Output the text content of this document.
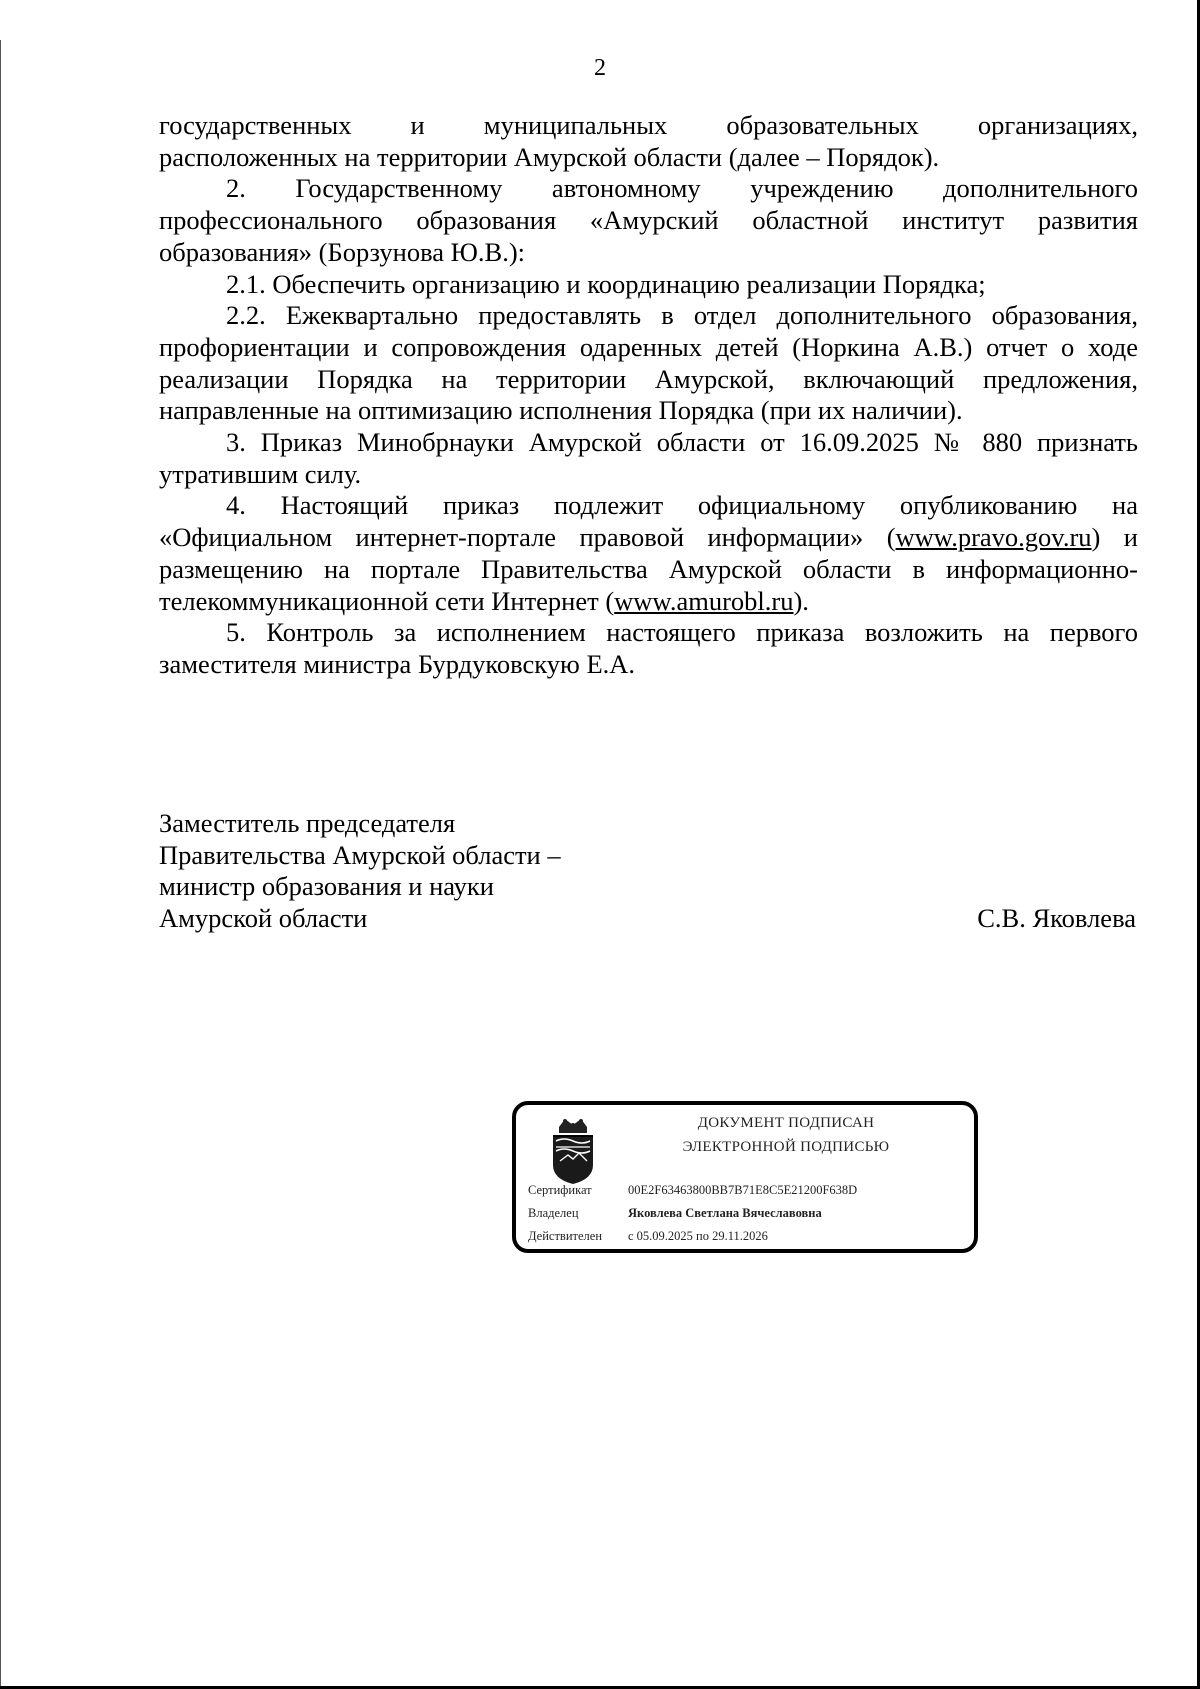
2

государственных и муниципальных образовательных организациях,

расположенных на территории Амурской области (далее – Порядок).

2. Государственному автономному учреждению дополнительного профессионального образования «Амурский областной институт развития образования» (Борзунова Ю.В.):

2.1. Обеспечить организацию и координацию реализации Порядка;

2.2. Ежеквартально предоставлять в отдел дополнительного образования, профориентации и сопровождения одаренных детей (Норкина А.В.) отчет о ходе реализации Порядка на территории Амурской, включающий предложения, направленные на оптимизацию исполнения Порядка (при их наличии).

3. Приказ Минобрнауки Амурской области от 16.09.2025 № 880 признать утратившим силу.

4. Настоящий приказ подлежит официальному опубликованию на «Официальном интернет-портале правовой информации» (www.pravo.gov.ru) и размещению на портале Правительства Амурской области в информационно-телекоммуникационной сети Интернет (www.amurobl.ru).

5. Контроль за исполнением настоящего приказа возложить на первого заместителя министра Бурдуковскую Е.А.

Заместитель председателя
Правительства Амурской области –
министр образования и науки
Амурской области	С.В. Яковлева
ДОКУМЕНТ ПОДПИСАН
ЭЛЕКТРОННОЙ ПОДПИСЬЮ
Сертификат	00E2F63463800BB7B71E8C5E21200F638D
Владелец	Яковлева Светлана Вячеславовна
Действителен с 05.09.2025 по 29.11.2026
